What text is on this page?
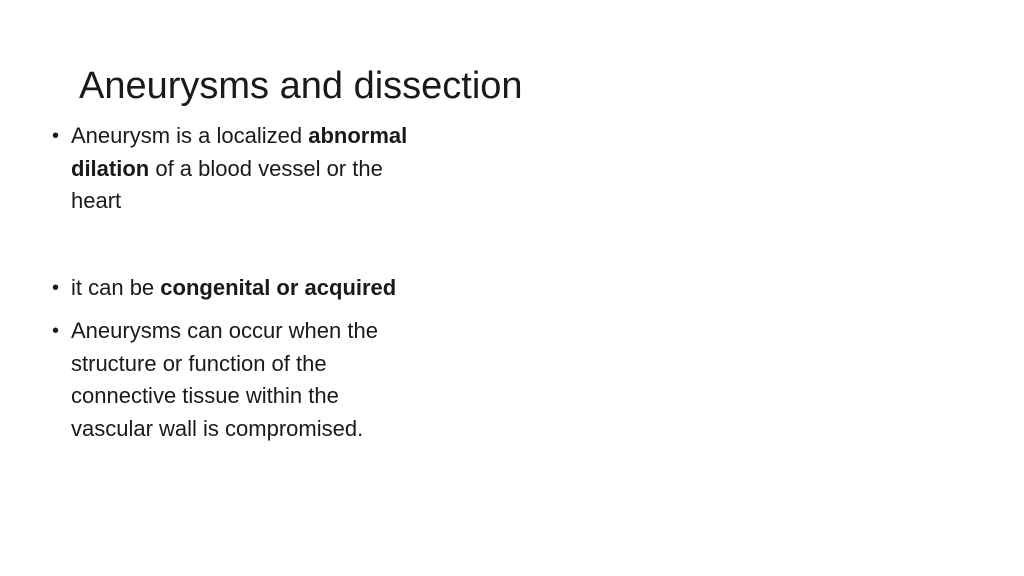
Aneurysms and dissection
• Aneurysm is a localized abnormal dilation of a blood vessel or the heart
• it can be congenital or acquired
• Aneurysms can occur when the structure or function of the connective tissue within the vascular wall is compromised.
